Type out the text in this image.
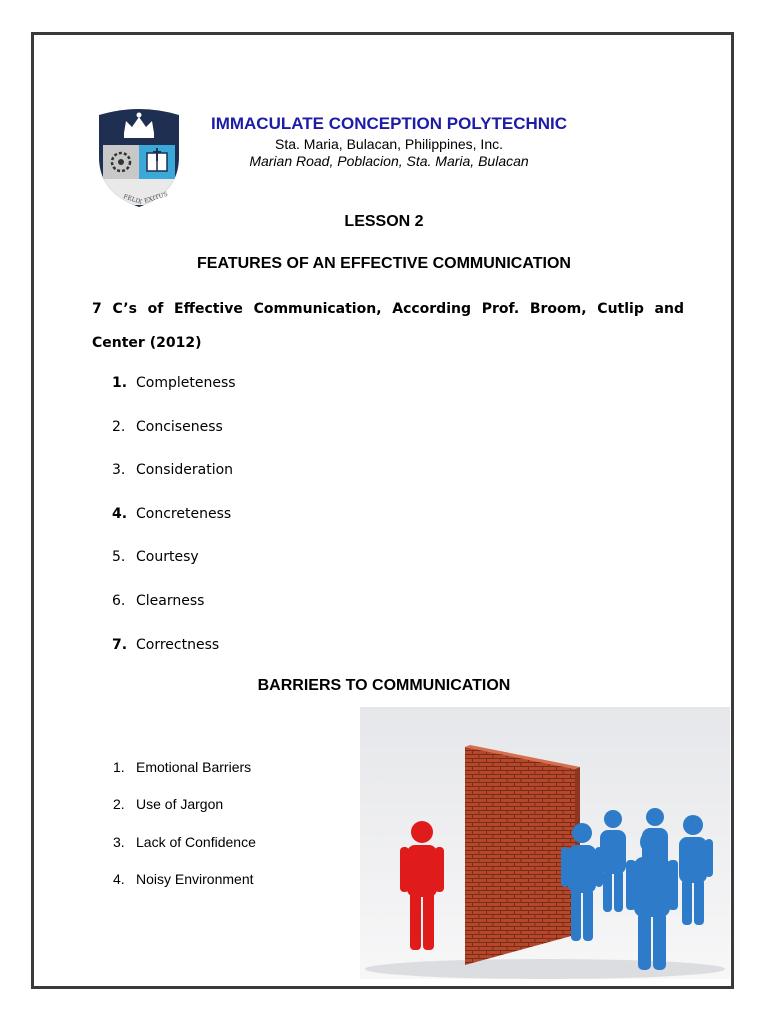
FELIX EXITUS
IMMACULATE CONCEPTION POLYTECHNIC
Sta. Maria, Bulacan, Philippines, Inc.
Marian Road, Poblacion, Sta. Maria, Bulacan
LESSON 2
FEATURES OF AN EFFECTIVE COMMUNICATION
7 C’s of Effective Communication, According Prof. Broom, Cutlip and Center (2012)
1. Completeness
2. Conciseness
3. Consideration
4. Concreteness
5. Courtesy
6. Clearness
7. Correctness
BARRIERS TO COMMUNICATION
1. Emotional Barriers
2. Use of Jargon
3. Lack of Confidence
4. Noisy Environment
